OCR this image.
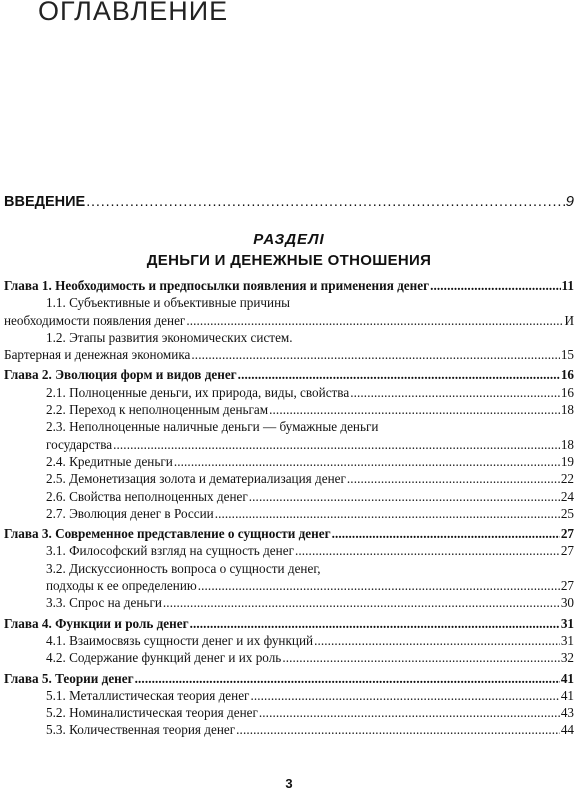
ОГЛАВЛЕНИЕ
ВВЕДЕНИЕ . . .	9
РАЗДЕЛI
ДЕНЬГИ И ДЕНЕЖНЫЕ ОТНОШЕНИЯ
Глава 1. Необходимость и предпосылки появления и применения денег . . .	11
1.1. Субъективные и объективные причины
необходимости появления денег . . .	И
1.2. Этапы развития экономических систем.
Бартерная и денежная экономика . . .	15
Глава 2. Эволюция форм и видов денег . . .	16
2.1. Полноценные деньги, их природа, виды, свойства . . .	16
2.2. Переход к неполноценным деньгам . . .	18
2.3. Неполноценные наличные деньги — бумажные деньги
государства . . .	18
2.4. Кредитные деньги . . .	19
2.5. Демонетизация золота и дематериализация денег . . .	22
2.6. Свойства неполноценных денег . . .	24
2.7. Эволюция денег в России . . .	25
Глава 3. Современное представление о сущности денег . . .	27
3.1. Философский взгляд на сущность денег . . .	27
3.2. Дискуссионность вопроса о сущности денег,
подходы к ее определению . . .	27
3.3. Спрос на деньги . . .	30
Глава 4. Функции и роль денег . . .	31
4.1. Взаимосвязь сущности денег и их функций . . .	31
4.2. Содержание функций денег и их роль . . .	32
Глава 5. Теории денег . . .	41
5.1. Металлистическая теория денег . . .	41
5.2. Номиналистическая теория денег . . .	43
5.3. Количественная теория денег . . .	44
3
